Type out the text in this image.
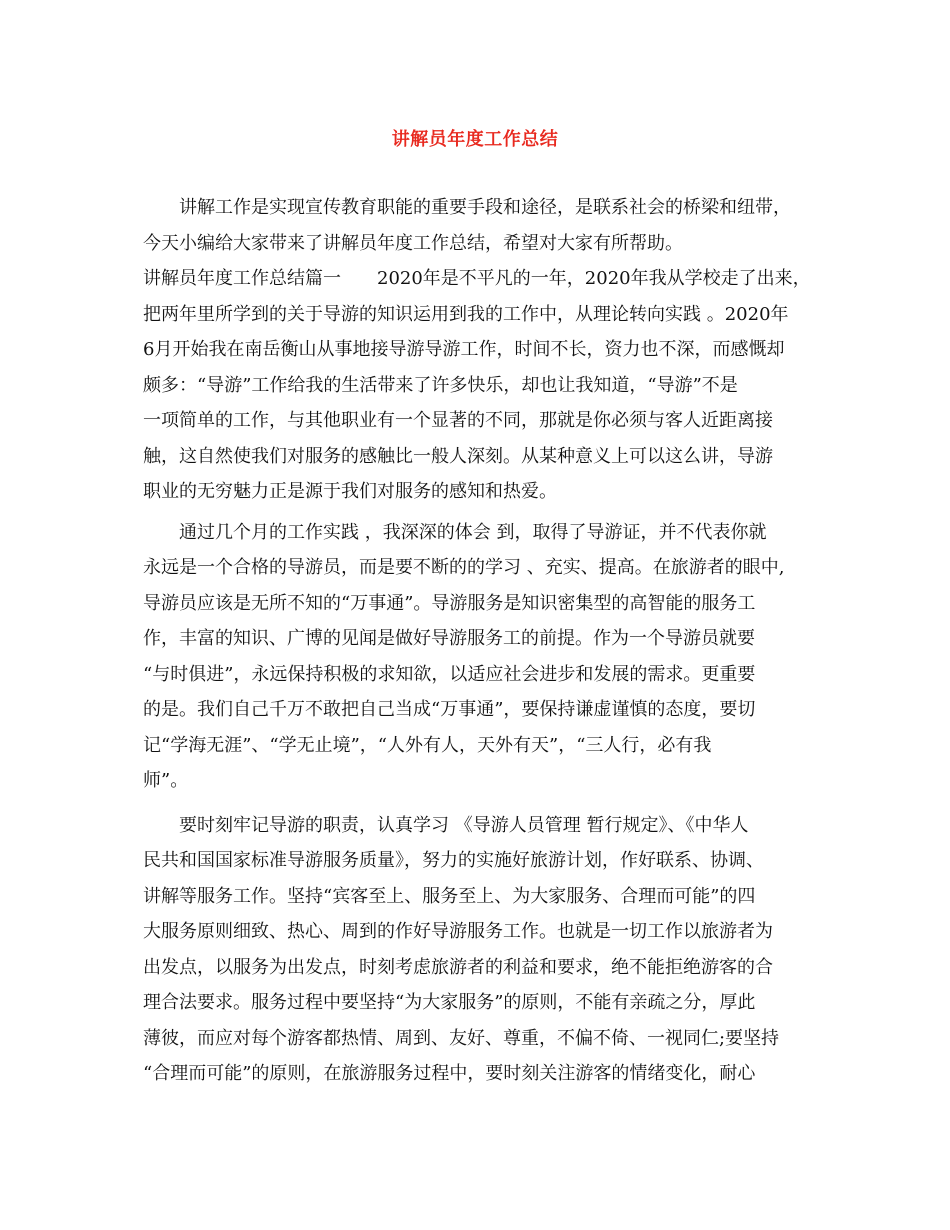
讲解员年度工作总结
讲解工作是实现宣传教育职能的重要手段和途径，是联系社会的桥梁和纽带，
今天小编给大家带来了讲解员年度工作总结，希望对大家有所帮助。
讲解员年度工作总结篇一　　2020年是不平凡的一年，2020年我从学校走了出来，
把两年里所学到的关于导游的知识运用到我的工作中，从理论转向实践 。2020年
6月开始我在南岳衡山从事地接导游导游工作，时间不长，资力也不深，而感慨却
颇多：“导游”工作给我的生活带来了许多快乐，却也让我知道，“导游”不是
一项简单的工作，与其他职业有一个显著的不同，那就是你必须与客人近距离接
触，这自然使我们对服务的感触比一般人深刻。从某种意义上可以这么讲，导游
职业的无穷魅力正是源于我们对服务的感知和热爱。
通过几个月的工作实践 ，我深深的体会 到，取得了导游证，并不代表你就
永远是一个合格的导游员，而是要不断的的学习 、充实、提高。在旅游者的眼中,
导游员应该是无所不知的“万事通”。导游服务是知识密集型的高智能的服务工
作，丰富的知识、广博的见闻是做好导游服务工的前提。作为一个导游员就要
“与时俱进”，永远保持积极的求知欲，以适应社会进步和发展的需求。更重要
的是。我们自己千万不敢把自己当成“万事通”，要保持谦虚谨慎的态度，要切
记“学海无涯”、“学无止境”，“人外有人，天外有天”，“三人行，必有我
师”。
要时刻牢记导游的职责，认真学习 《导游人员管理 暂行规定》、《中华人
民共和国国家标准导游服务质量》，努力的实施好旅游计划，作好联系、协调、
讲解等服务工作。坚持“宾客至上、服务至上、为大家服务、合理而可能”的四
大服务原则细致、热心、周到的作好导游服务工作。也就是一切工作以旅游者为
出发点，以服务为出发点，时刻考虑旅游者的利益和要求，绝不能拒绝游客的合
理合法要求。服务过程中要坚持“为大家服务”的原则，不能有亲疏之分，厚此
薄彼，而应对每个游客都热情、周到、友好、尊重，不偏不倚、一视同仁;要坚持
“合理而可能”的原则，在旅游服务过程中，要时刻关注游客的情绪变化，耐心
